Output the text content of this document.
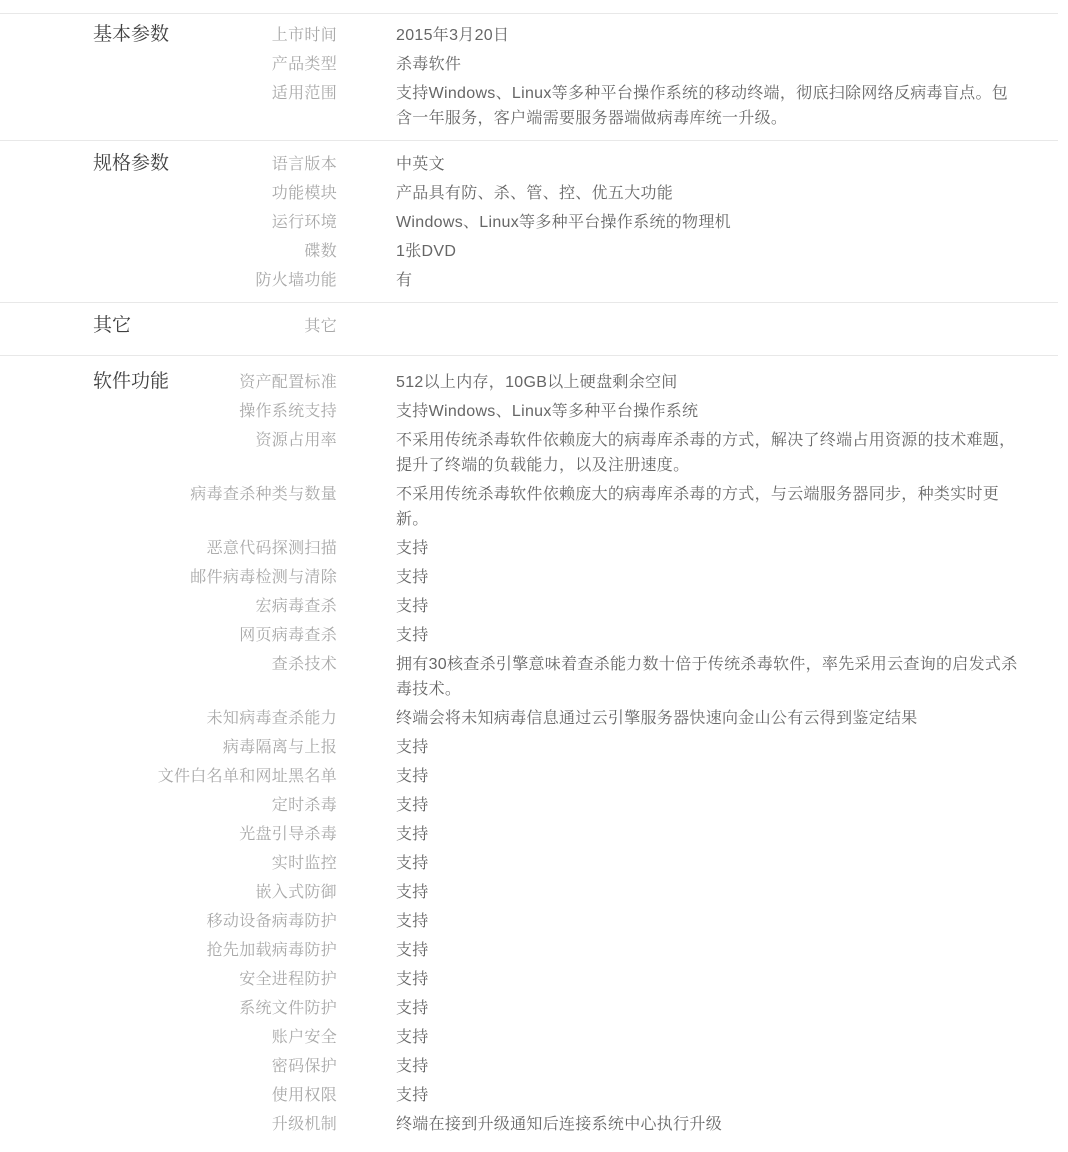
基本参数	上市时间	2015年3月20日
产品类型	杀毒软件
适用范围	支持Windows、Linux等多种平台操作系统的移动终端，彻底扫除网络反病毒盲点。包含一年服务，客户端需要服务器端做病毒库统一升级。
规格参数	语言版本	中英文
功能模块	产品具有防、杀、管、控、优五大功能
运行环境	Windows、Linux等多种平台操作系统的物理机
碟数	1张DVD
防火墙功能	有
其它	其它
软件功能	资产配置标准	512以上内存，10GB以上硬盘剩余空间
操作系统支持	支持Windows、Linux等多种平台操作系统
资源占用率	不采用传统杀毒软件依赖庞大的病毒库杀毒的方式，解决了终端占用资源的技术难题，提升了终端的负载能力，以及注册速度。
病毒查杀种类与数量	不采用传统杀毒软件依赖庞大的病毒库杀毒的方式，与云端服务器同步，种类实时更新。
恶意代码探测扫描	支持
邮件病毒检测与清除	支持
宏病毒查杀	支持
网页病毒查杀	支持
查杀技术	拥有30核查杀引擎意味着查杀能力数十倍于传统杀毒软件，率先采用云查询的启发式杀毒技术。
未知病毒查杀能力	终端会将未知病毒信息通过云引擎服务器快速向金山公有云得到鉴定结果
病毒隔离与上报	支持
文件白名单和网址黑名单	支持
定时杀毒	支持
光盘引导杀毒	支持
实时监控	支持
嵌入式防御	支持
移动设备病毒防护	支持
抢先加载病毒防护	支持
安全进程防护	支持
系统文件防护	支持
账户安全	支持
密码保护	支持
使用权限	支持
升级机制	终端在接到升级通知后连接系统中心执行升级
